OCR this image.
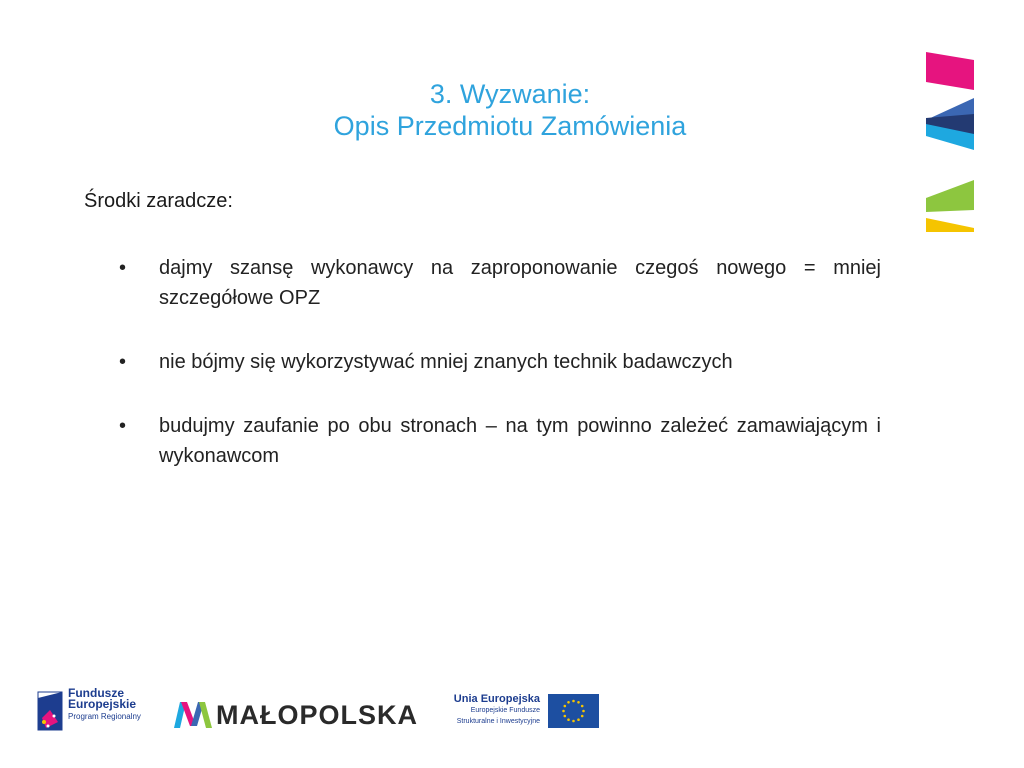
3. Wyzwanie:
Opis Przedmiotu Zamówienia
Środki zaradcze:
• dajmy szansę wykonawcy na zaproponowanie czegoś nowego = mniej szczegółowe OPZ
• nie bójmy się wykorzystywać mniej znanych technik badawczych
• budujmy zaufanie po obu stronach – na tym powinno zależeć zamawiającym i wykonawcom
Fundusze
Europejskie
Program Regionalny	MAŁOPOLSKA
Unia Europejska
Europejskie Fundusze
Strukturalne i Inwestycyjne
